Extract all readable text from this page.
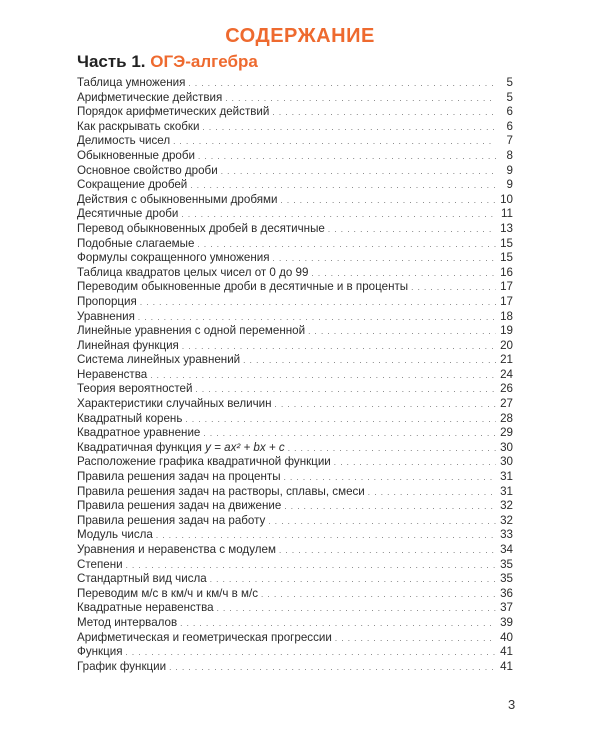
СОДЕРЖАНИЕ
Часть 1. ОГЭ-алгебра
Таблица умножения . . .	5
Арифметические действия . . .	5
Порядок арифметических действий . . .	6
Как раскрывать скобки . . .	6
Делимость чисел . . .	7
Обыкновенные дроби . . .	8
Основное свойство дроби . . .	9
Сокращение дробей . . .	9
Действия с обыкновенными дробями . . .	10
Десятичные дроби . . .	11
Перевод обыкновенных дробей в десятичные . . .	13
Подобные слагаемые . . .	15
Формулы сокращенного умножения . . .	15
Таблица квадратов целых чисел от 0 до 99 . . .	16
Переводим обыкновенные дроби в десятичные и в проценты . . .	17
Пропорция . . .	17
Уравнения . . .	18
Линейные уравнения с одной переменной . . .	19
Линейная функция . . .	20
Система линейных уравнений . . .	21
Неравенства . . .	24
Теория вероятностей . . .	26
Характеристики случайных величин . . .	27
Квадратный корень . . .	28
Квадратное уравнение . . .	29
Квадратичная функция y = ax² + bx + c . . .	30
Расположение графика квадратичной функции . . .	30
Правила решения задач на проценты . . .	31
Правила решения задач на растворы, сплавы, смеси . . .	31
Правила решения задач на движение . . .	32
Правила решения задач на работу . . .	32
Модуль числа . . .	33
Уравнения и неравенства с модулем . . .	34
Степени . . .	35
Стандартный вид числа . . .	35
Переводим м/с в км/ч и км/ч в м/с . . .	36
Квадратные неравенства . . .	37
Метод интервалов . . .	39
Арифметическая и геометрическая прогрессии . . .	40
Функция . . .	41
График функции . . .	41
3
